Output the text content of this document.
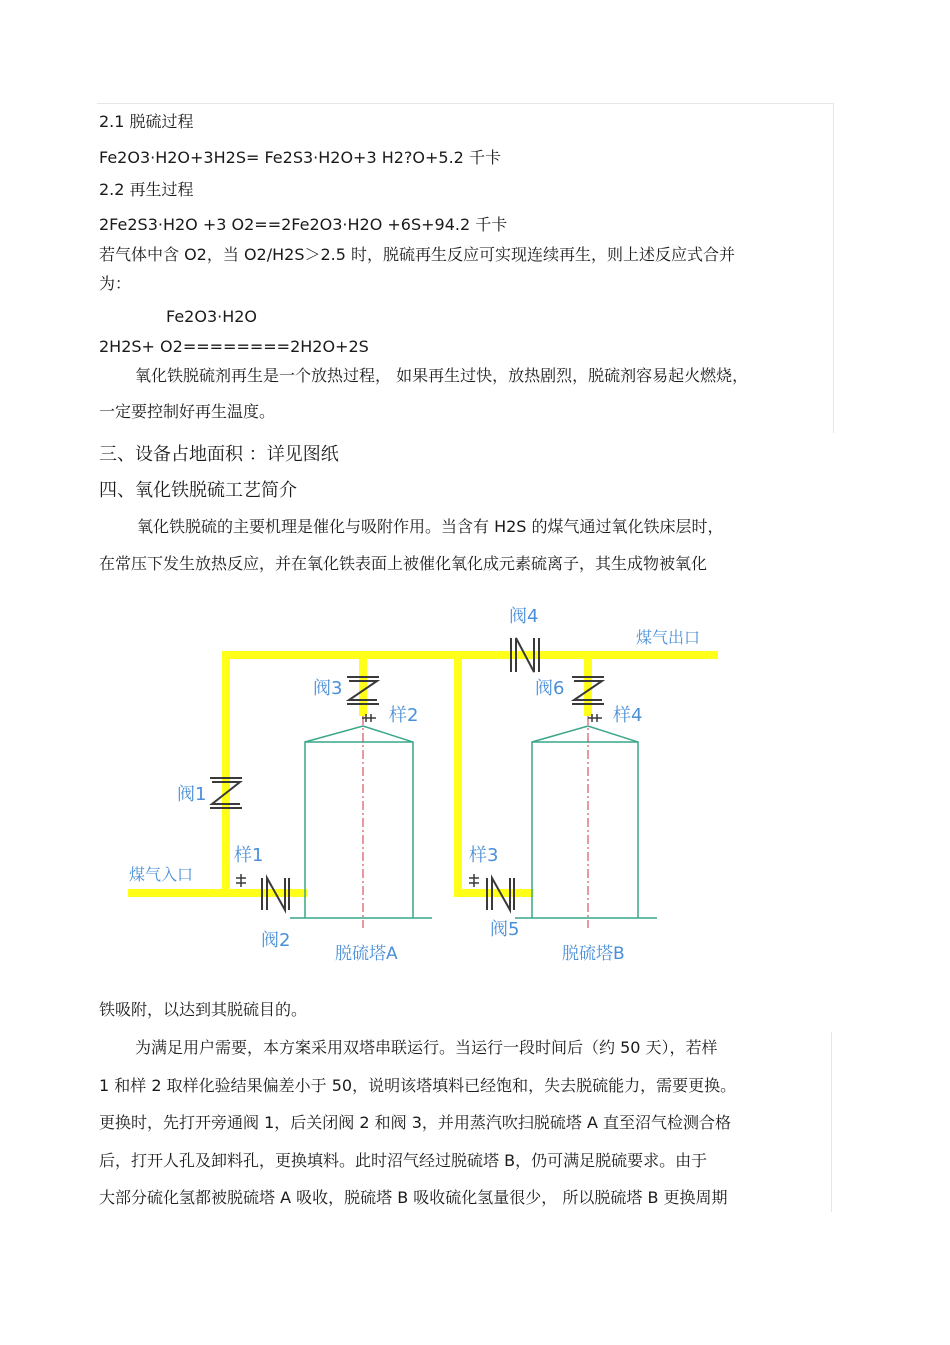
2.1 脱硫过程
Fe2O3·H2O+3H2S= Fe2S3·H2O+3 H2?O+5.2 千卡
2.2 再生过程
2Fe2S3·H2O +3 O2==2Fe2O3·H2O +6S+94.2 千卡
若气体中含 O2，当 O2/H2S＞2.5 时，脱硫再生反应可实现连续再生，则上述反应式合并
为：
Fe2O3·H2O
2H2S+ O2========2H2O+2S
氧化铁脱硫剂再生是一个放热过程， 如果再生过快，放热剧烈，脱硫剂容易起火燃烧，
一定要控制好再生温度。
三、设备占地面积 ：详见图纸
四、氧化铁脱硫工艺简介
氧化铁脱硫的主要机理是催化与吸附作用。当含有 H2S 的煤气通过氧化铁床层时，
在常压下发生放热反应，并在氧化铁表面上被催化氧化成元素硫离子，其生成物被氧化
阀1
阀2
阀3
阀4
阀5
阀6
样1
样2
样3
样4
煤气入口
煤气出口
脱硫塔A	脱硫塔B
铁吸附，以达到其脱硫目的。
为满足用户需要，本方案采用双塔串联运行。当运行一段时间后（约 50 天），若样
1 和样 2 取样化验结果偏差小于 50，说明该塔填料已经饱和，失去脱硫能力，需要更换。
更换时，先打开旁通阀 1，后关闭阀 2 和阀 3，并用蒸汽吹扫脱硫塔 A 直至沼气检测合格
后，打开人孔及卸料孔，更换填料。此时沼气经过脱硫塔 B，仍可满足脱硫要求。由于
大部分硫化氢都被脱硫塔 A 吸收，脱硫塔 B 吸收硫化氢量很少， 所以脱硫塔 B 更换周期
